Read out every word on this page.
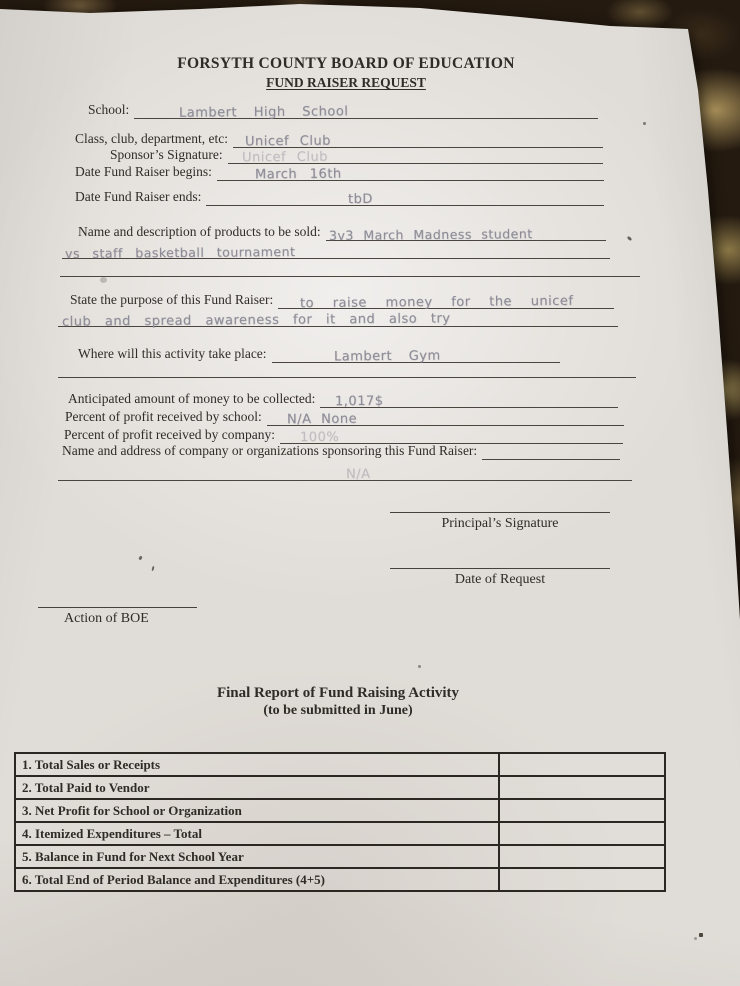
FORSYTH COUNTY BOARD OF EDUCATION
FUND RAISER REQUEST
School:	Lambert High School
Class, club, department, etc: Unicef Club
Sponsor’s Signature: Unicef Club
Date Fund Raiser begins:	March 16th
Date Fund Raiser ends:	tbD
Name and description of products to be sold: 3v3 March Madness student
vs staff basketball tournament
State the purpose of this Fund Raiser: to raise money for the unicef
club and spread awareness for it and also try
Where will this activity take place:	Lambert Gym
Anticipated amount of money to be collected: 1,017$
Percent of profit received by school: N/A None
Percent of profit received by company: 100%
Name and address of company or organizations sponsoring this Fund Raiser:
N/A
Principal’s Signature
Date of Request
Action of BOE
Final Report of Fund Raising Activity
(to be submitted in June)
1. Total Sales or Receipts
2. Total Paid to Vendor
3. Net Profit for School or Organization
4. Itemized Expenditures – Total
5. Balance in Fund for Next School Year
6. Total End of Period Balance and Expenditures (4+5)
